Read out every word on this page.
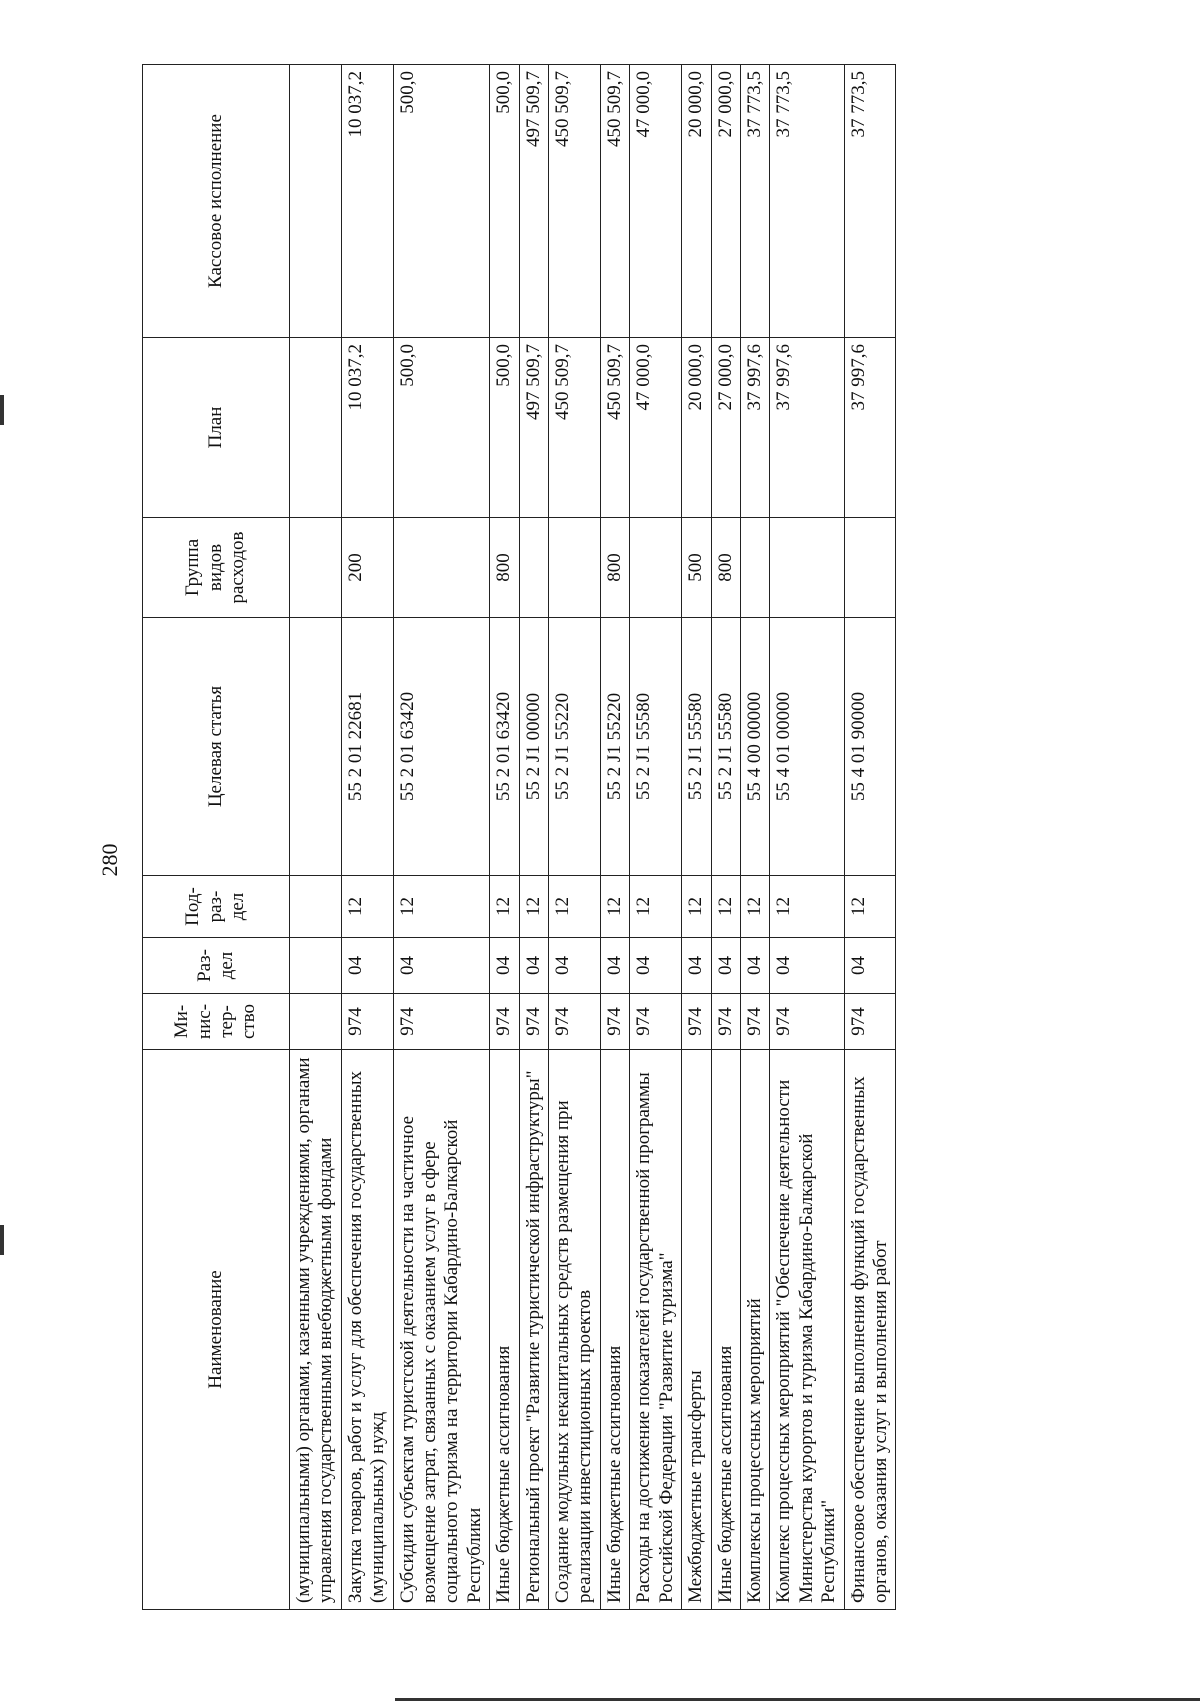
280
Наименование	Ми-нис-тер-ство	Раз-дел	Под-раз-дел	Целевая статья	Группа видов расходов	План	Кассовое исполнение
(муниципальными) органами, казенными учреждениями, органами управления государственными внебюджетными фондами							
Закупка товаров, работ и услуг для обеспечения государственных (муниципальных) нужд	974	04	12	55 2 01 22681	200	10 037,2	10 037,2
Субсидии субъектам туристской деятельности на частичное возмещение затрат, связанных с оказанием услуг в сфере социального туризма на территории Кабардино-Балкарской Республики	974	04	12	55 2 01 63420		500,0	500,0
Иные бюджетные ассигнования	974	04	12	55 2 01 63420	800	500,0	500,0
Региональный проект "Развитие туристической инфраструктуры"	974	04	12	55 2 J1 00000		497 509,7	497 509,7
Создание модульных некапитальных средств размещения при реализации инвестиционных проектов	974	04	12	55 2 J1 55220		450 509,7	450 509,7
Иные бюджетные ассигнования	974	04	12	55 2 J1 55220	800	450 509,7	450 509,7
Расходы на достижение показателей государственной программы Российской Федерации "Развитие туризма"	974	04	12	55 2 J1 55580		47 000,0	47 000,0
Межбюджетные трансферты	974	04	12	55 2 J1 55580	500	20 000,0	20 000,0
Иные бюджетные ассигнования	974	04	12	55 2 J1 55580	800	27 000,0	27 000,0
Комплексы процессных мероприятий	974	04	12	55 4 00 00000		37 997,6	37 773,5
Комплекс процессных мероприятий "Обеспечение деятельности Министерства курортов и туризма Кабардино-Балкарской Республики"	974	04	12	55 4 01 00000		37 997,6	37 773,5
Финансовое обеспечение выполнения функций государственных органов, оказания услуг и выполнения работ	974	04	12	55 4 01 90000		37 997,6	37 773,5
